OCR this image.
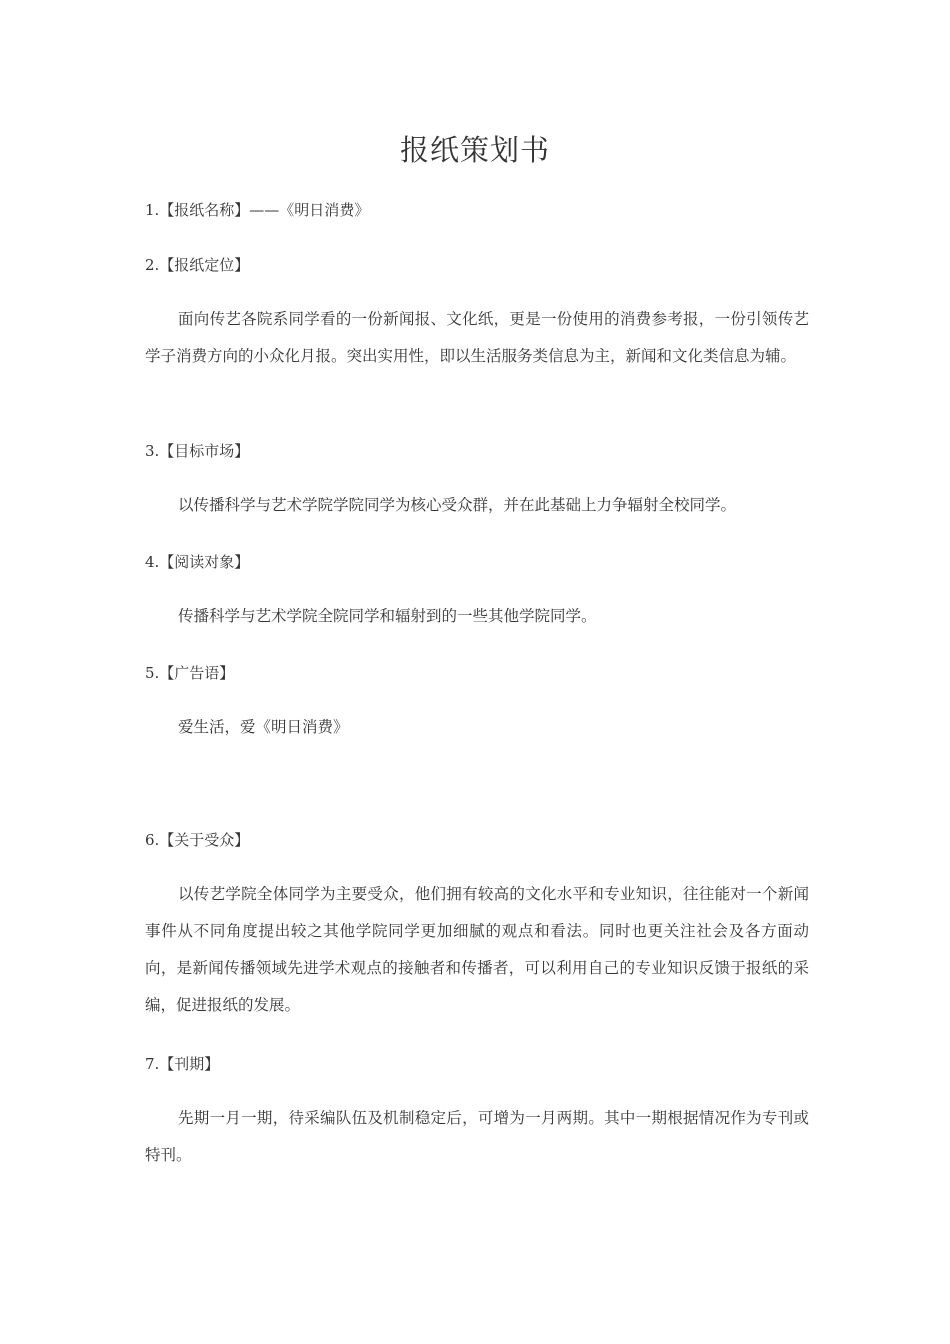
报纸策划书
1.【报纸名称】——《明日消费》
2.【报纸定位】
面向传艺各院系同学看的一份新闻报、文化纸，更是一份使用的消费参考报，一份引领传艺学子消费方向的小众化月报。突出实用性，即以生活服务类信息为主，新闻和文化类信息为辅。
3.【目标市场】
以传播科学与艺术学院学院同学为核心受众群，并在此基础上力争辐射全校同学。
4.【阅读对象】
传播科学与艺术学院全院同学和辐射到的一些其他学院同学。
5.【广告语】
爱生活，爱《明日消费》
6.【关于受众】
以传艺学院全体同学为主要受众，他们拥有较高的文化水平和专业知识，往往能对一个新闻事件从不同角度提出较之其他学院同学更加细腻的观点和看法。同时也更关注社会及各方面动向，是新闻传播领域先进学术观点的接触者和传播者，可以利用自己的专业知识反馈于报纸的采编，促进报纸的发展。
7.【刊期】
先期一月一期，待采编队伍及机制稳定后，可增为一月两期。其中一期根据情况作为专刊或特刊。
